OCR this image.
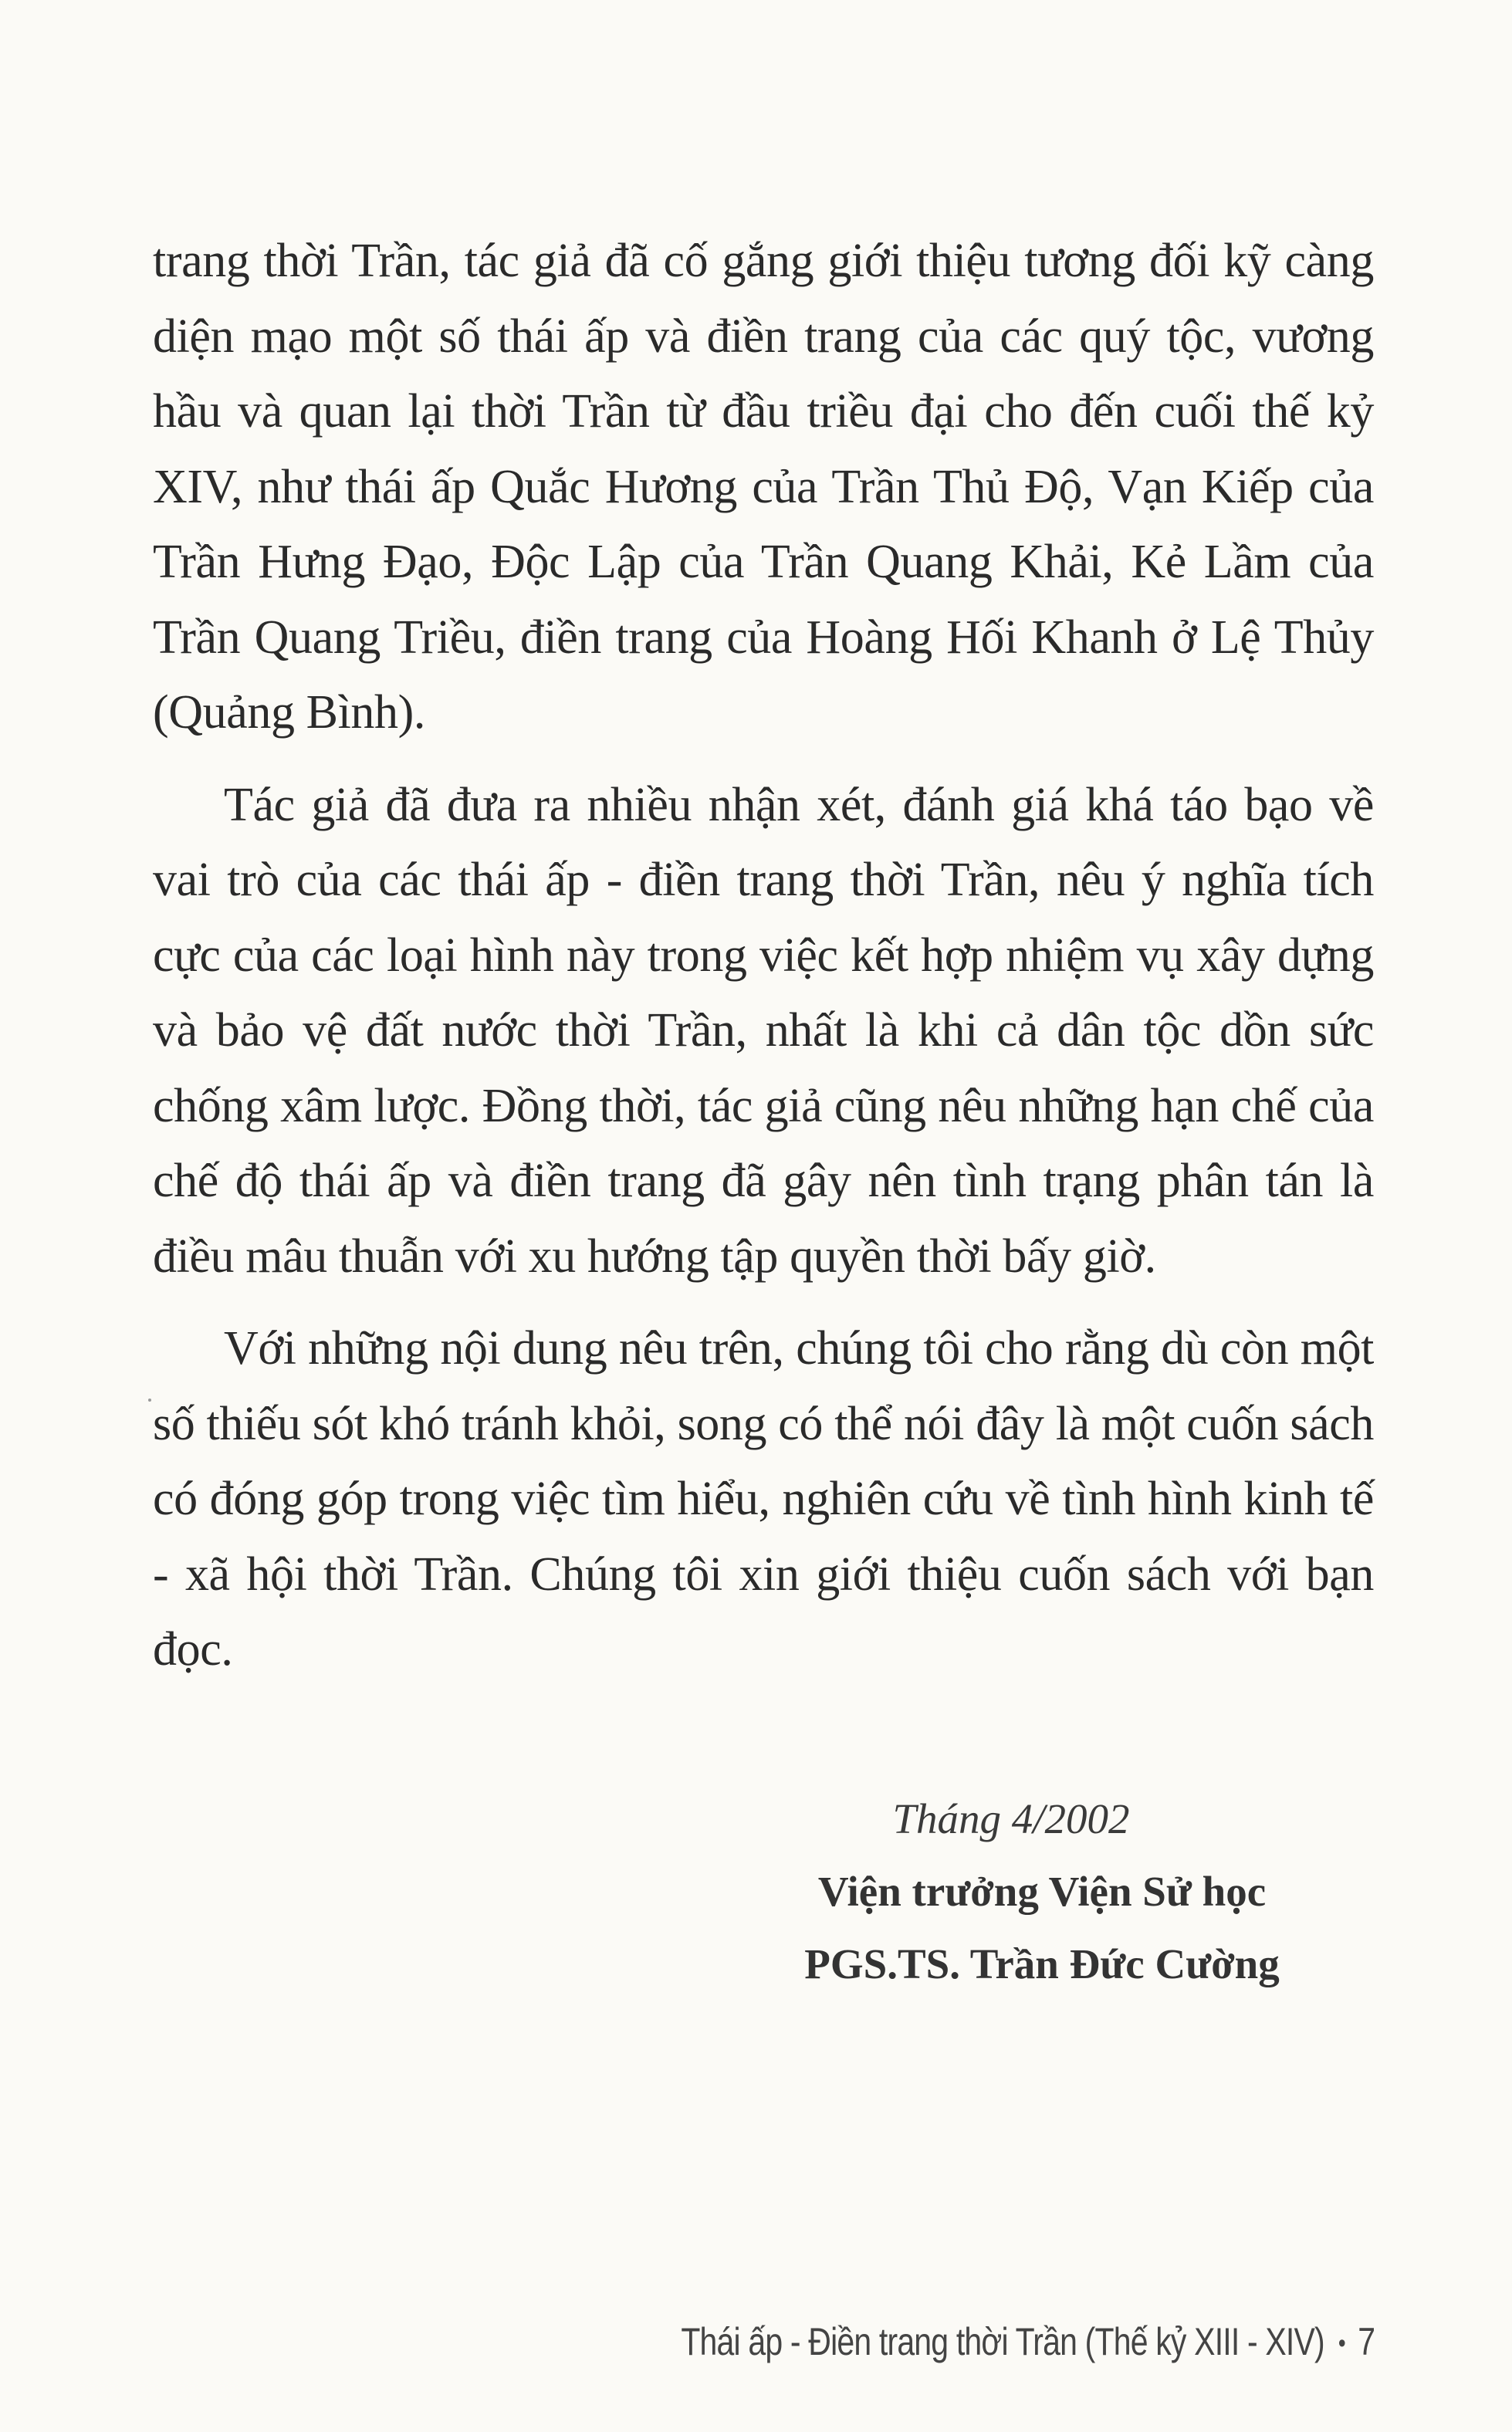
trang thời Trần, tác giả đã cố gắng giới thiệu tương đối kỹ càng diện mạo một số thái ấp và điền trang của các quý tộc, vương hầu và quan lại thời Trần từ đầu triều đại cho đến cuối thế kỷ XIV, như thái ấp Quắc Hương của Trần Thủ Độ, Vạn Kiếp của Trần Hưng Đạo, Độc Lập của Trần Quang Khải, Kẻ Lầm của Trần Quang Triều, điền trang của Hoàng Hối Khanh ở Lệ Thủy (Quảng Bình).

Tác giả đã đưa ra nhiều nhận xét, đánh giá khá táo bạo về vai trò của các thái ấp - điền trang thời Trần, nêu ý nghĩa tích cực của các loại hình này trong việc kết hợp nhiệm vụ xây dựng và bảo vệ đất nước thời Trần, nhất là khi cả dân tộc dồn sức chống xâm lược. Đồng thời, tác giả cũng nêu những hạn chế của chế độ thái ấp và điền trang đã gây nên tình trạng phân tán là điều mâu thuẫn với xu hướng tập quyền thời bấy giờ.

Với những nội dung nêu trên, chúng tôi cho rằng dù còn một số thiếu sót khó tránh khỏi, song có thể nói đây là một cuốn sách có đóng góp trong việc tìm hiểu, nghiên cứu về tình hình kinh tế - xã hội thời Trần. Chúng tôi xin giới thiệu cuốn sách với bạn đọc.

Tháng 4/2002
Viện trưởng Viện Sử học
PGS.TS. Trần Đức Cường
Thái ấp - Điền trang thời Trần (Thế kỷ XIII - XIV) • 7
